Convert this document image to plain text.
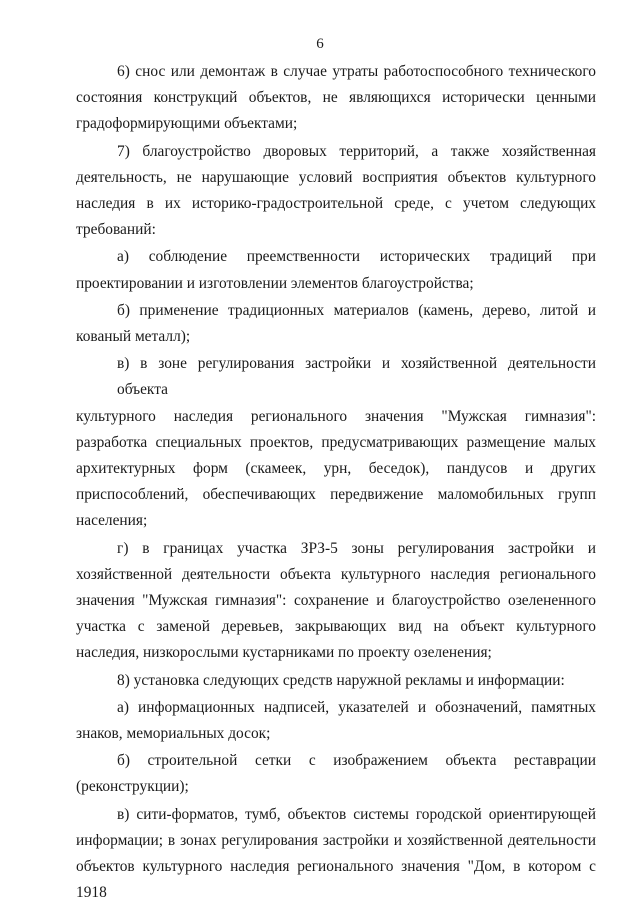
6
6) снос или демонтаж в случае утраты работоспособного технического
состояния конструкций объектов, не являющихся исторически ценными
градоформирующими объектами;
7) благоустройство дворовых территорий, а также хозяйственная
деятельность, не нарушающие условий восприятия объектов культурного
наследия в их историко-градостроительной среде, с учетом следующих
требований:
а) соблюдение преемственности исторических традиций при
проектировании и изготовлении элементов благоустройства;
б) применение традиционных материалов (камень, дерево, литой и
кованый металл);
в) в зоне регулирования застройки и хозяйственной деятельности объекта
культурного наследия регионального значения "Мужская гимназия":
разработка специальных проектов, предусматривающих размещение малых
архитектурных форм (скамеек, урн, беседок), пандусов и других
приспособлений, обеспечивающих передвижение маломобильных групп
населения;
г) в границах участка ЗРЗ-5 зоны регулирования застройки и
хозяйственной деятельности объекта культурного наследия регионального
значения "Мужская гимназия": сохранение и благоустройство озелененного
участка с заменой деревьев, закрывающих вид на объект культурного
наследия, низкорослыми кустарниками по проекту озеленения;
8) установка следующих средств наружной рекламы и информации:
а) информационных надписей, указателей и обозначений, памятных
знаков, мемориальных досок;
б) строительной сетки с изображением объекта реставрации
(реконструкции);
в) сити-форматов, тумб, объектов системы городской ориентирующей
информации; в зонах регулирования застройки и хозяйственной деятельности
объектов культурного наследия регионального значения "Дом, в котором с 1918
